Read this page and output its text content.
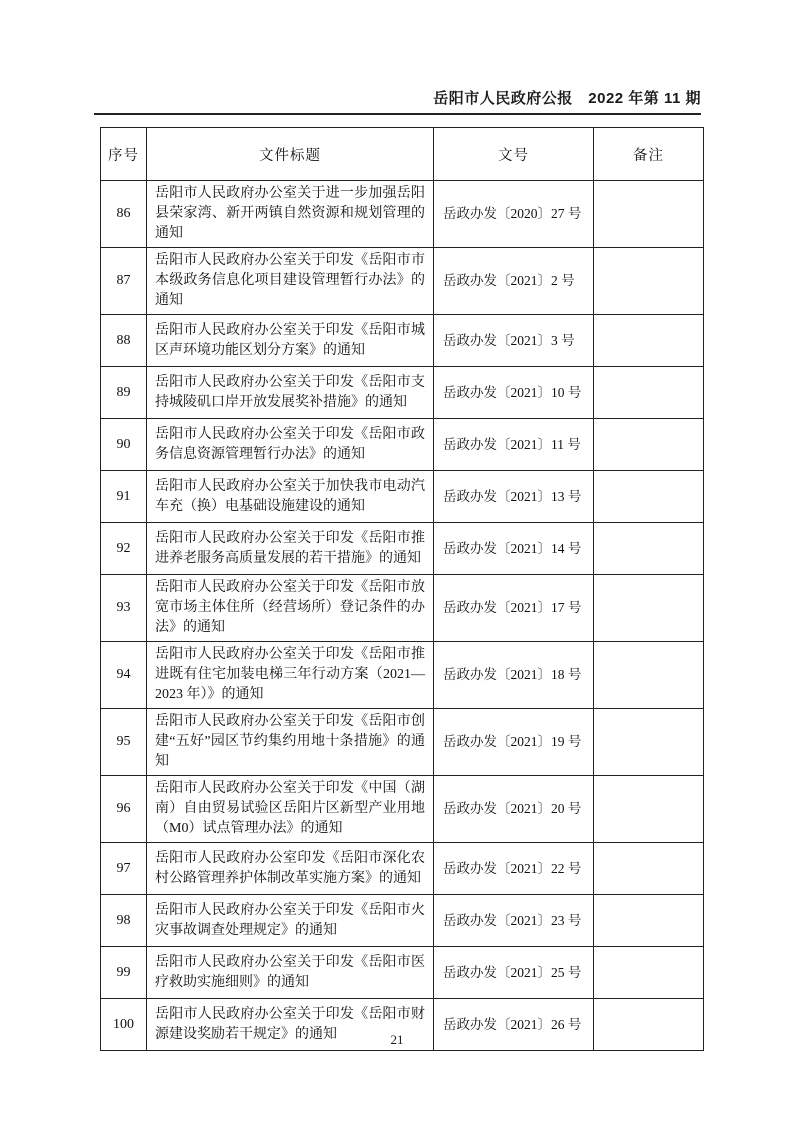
岳阳市人民政府公报　2022 年第 11 期
序号	文件标题	文号	备注
86	岳阳市人民政府办公室关于进一步加强岳阳县荣家湾、新开两镇自然资源和规划管理的通知	岳政办发〔2020〕27 号	
87	岳阳市人民政府办公室关于印发《岳阳市市本级政务信息化项目建设管理暂行办法》的通知	岳政办发〔2021〕2 号	
88	岳阳市人民政府办公室关于印发《岳阳市城区声环境功能区划分方案》的通知	岳政办发〔2021〕3 号	
89	岳阳市人民政府办公室关于印发《岳阳市支持城陵矶口岸开放发展奖补措施》的通知	岳政办发〔2021〕10 号	
90	岳阳市人民政府办公室关于印发《岳阳市政务信息资源管理暂行办法》的通知	岳政办发〔2021〕11 号	
91	岳阳市人民政府办公室关于加快我市电动汽车充（换）电基础设施建设的通知	岳政办发〔2021〕13 号	
92	岳阳市人民政府办公室关于印发《岳阳市推进养老服务高质量发展的若干措施》的通知	岳政办发〔2021〕14 号	
93	岳阳市人民政府办公室关于印发《岳阳市放宽市场主体住所（经营场所）登记条件的办法》的通知	岳政办发〔2021〕17 号	
94	岳阳市人民政府办公室关于印发《岳阳市推进既有住宅加装电梯三年行动方案（2021—2023 年）》的通知	岳政办发〔2021〕18 号	
95	岳阳市人民政府办公室关于印发《岳阳市创建“五好”园区节约集约用地十条措施》的通知	岳政办发〔2021〕19 号	
96	岳阳市人民政府办公室关于印发《中国（湖南）自由贸易试验区岳阳片区新型产业用地（M0）试点管理办法》的通知	岳政办发〔2021〕20 号	
97	岳阳市人民政府办公室印发《岳阳市深化农村公路管理养护体制改革实施方案》的通知	岳政办发〔2021〕22 号	
98	岳阳市人民政府办公室关于印发《岳阳市火灾事故调查处理规定》的通知	岳政办发〔2021〕23 号	
99	岳阳市人民政府办公室关于印发《岳阳市医疗救助实施细则》的通知	岳政办发〔2021〕25 号	
100	岳阳市人民政府办公室关于印发《岳阳市财源建设奖励若干规定》的通知	岳政办发〔2021〕26 号	
21
